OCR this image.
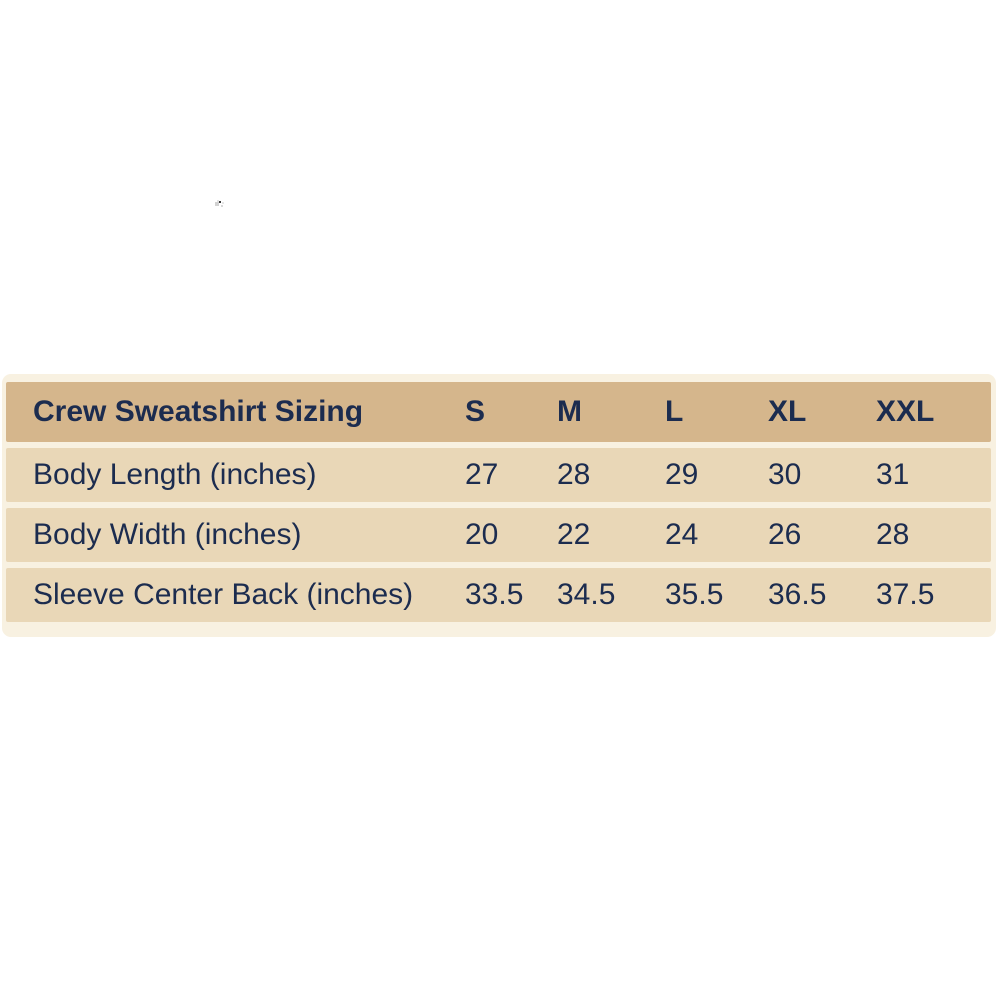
Crew Sweatshirt Sizing	S	M	L	XL	XXL
Body Length (inches)	27	28	29	30	31
Body Width (inches)	20	22	24	26	28
Sleeve Center Back (inches)	33.5	34.5	35.5	36.5	37.5
